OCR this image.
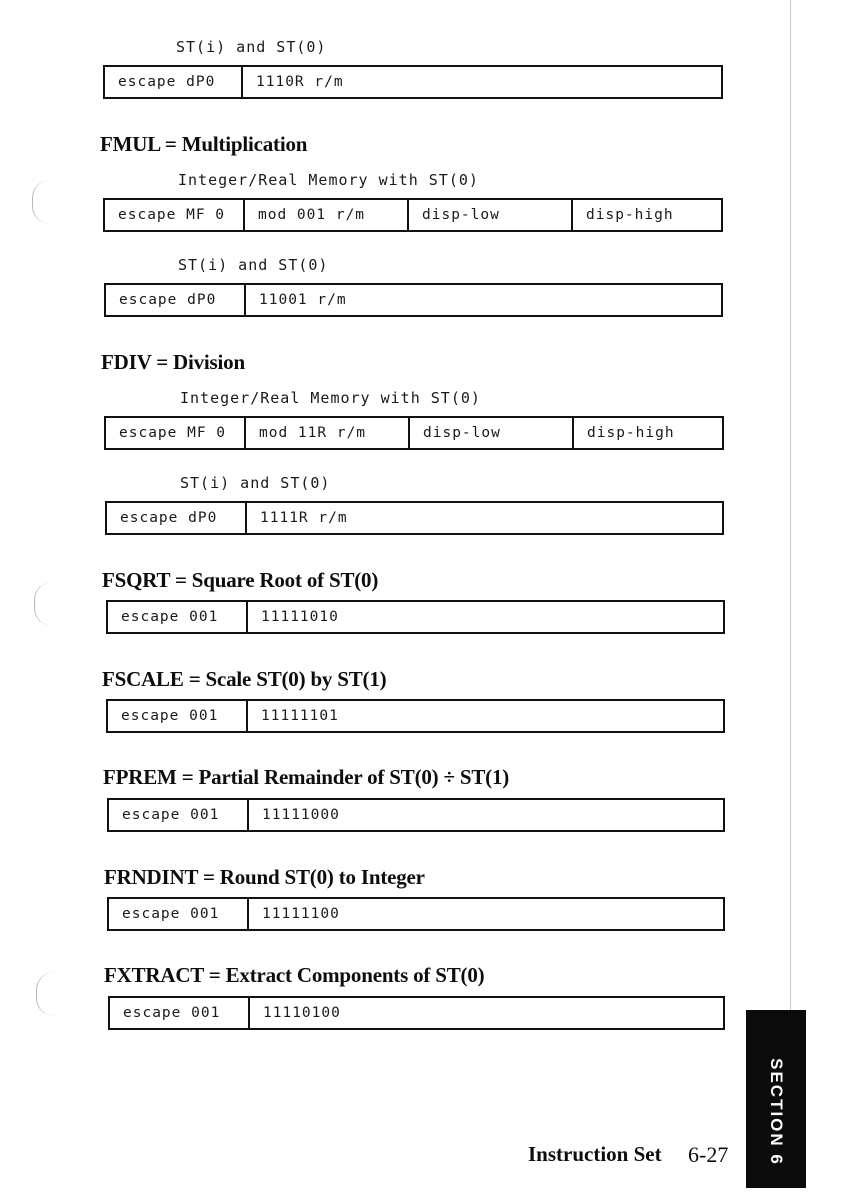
ST(i) and ST(0)
escape dP0	1110R r/m
FMUL = Multiplication
Integer/Real Memory with ST(0)
escape MF 0	mod 001 r/m	disp-low	disp-high
ST(i) and ST(0)
escape dP0	11001 r/m
FDIV = Division
Integer/Real Memory with ST(0)
escape MF 0	mod 11R r/m	disp-low	disp-high
ST(i) and ST(0)
escape dP0	1111R r/m
FSQRT = Square Root of ST(0)
escape 001	11111010
FSCALE = Scale ST(0) by ST(1)
escape 001	11111101
FPREM = Partial Remainder of ST(0) ÷ ST(1)
escape 001	11111000
FRNDINT = Round ST(0) to Integer
escape 001	11111100
FXTRACT = Extract Components of ST(0)
escape 001	11110100
SECTION 6
Instruction Set 6-27
